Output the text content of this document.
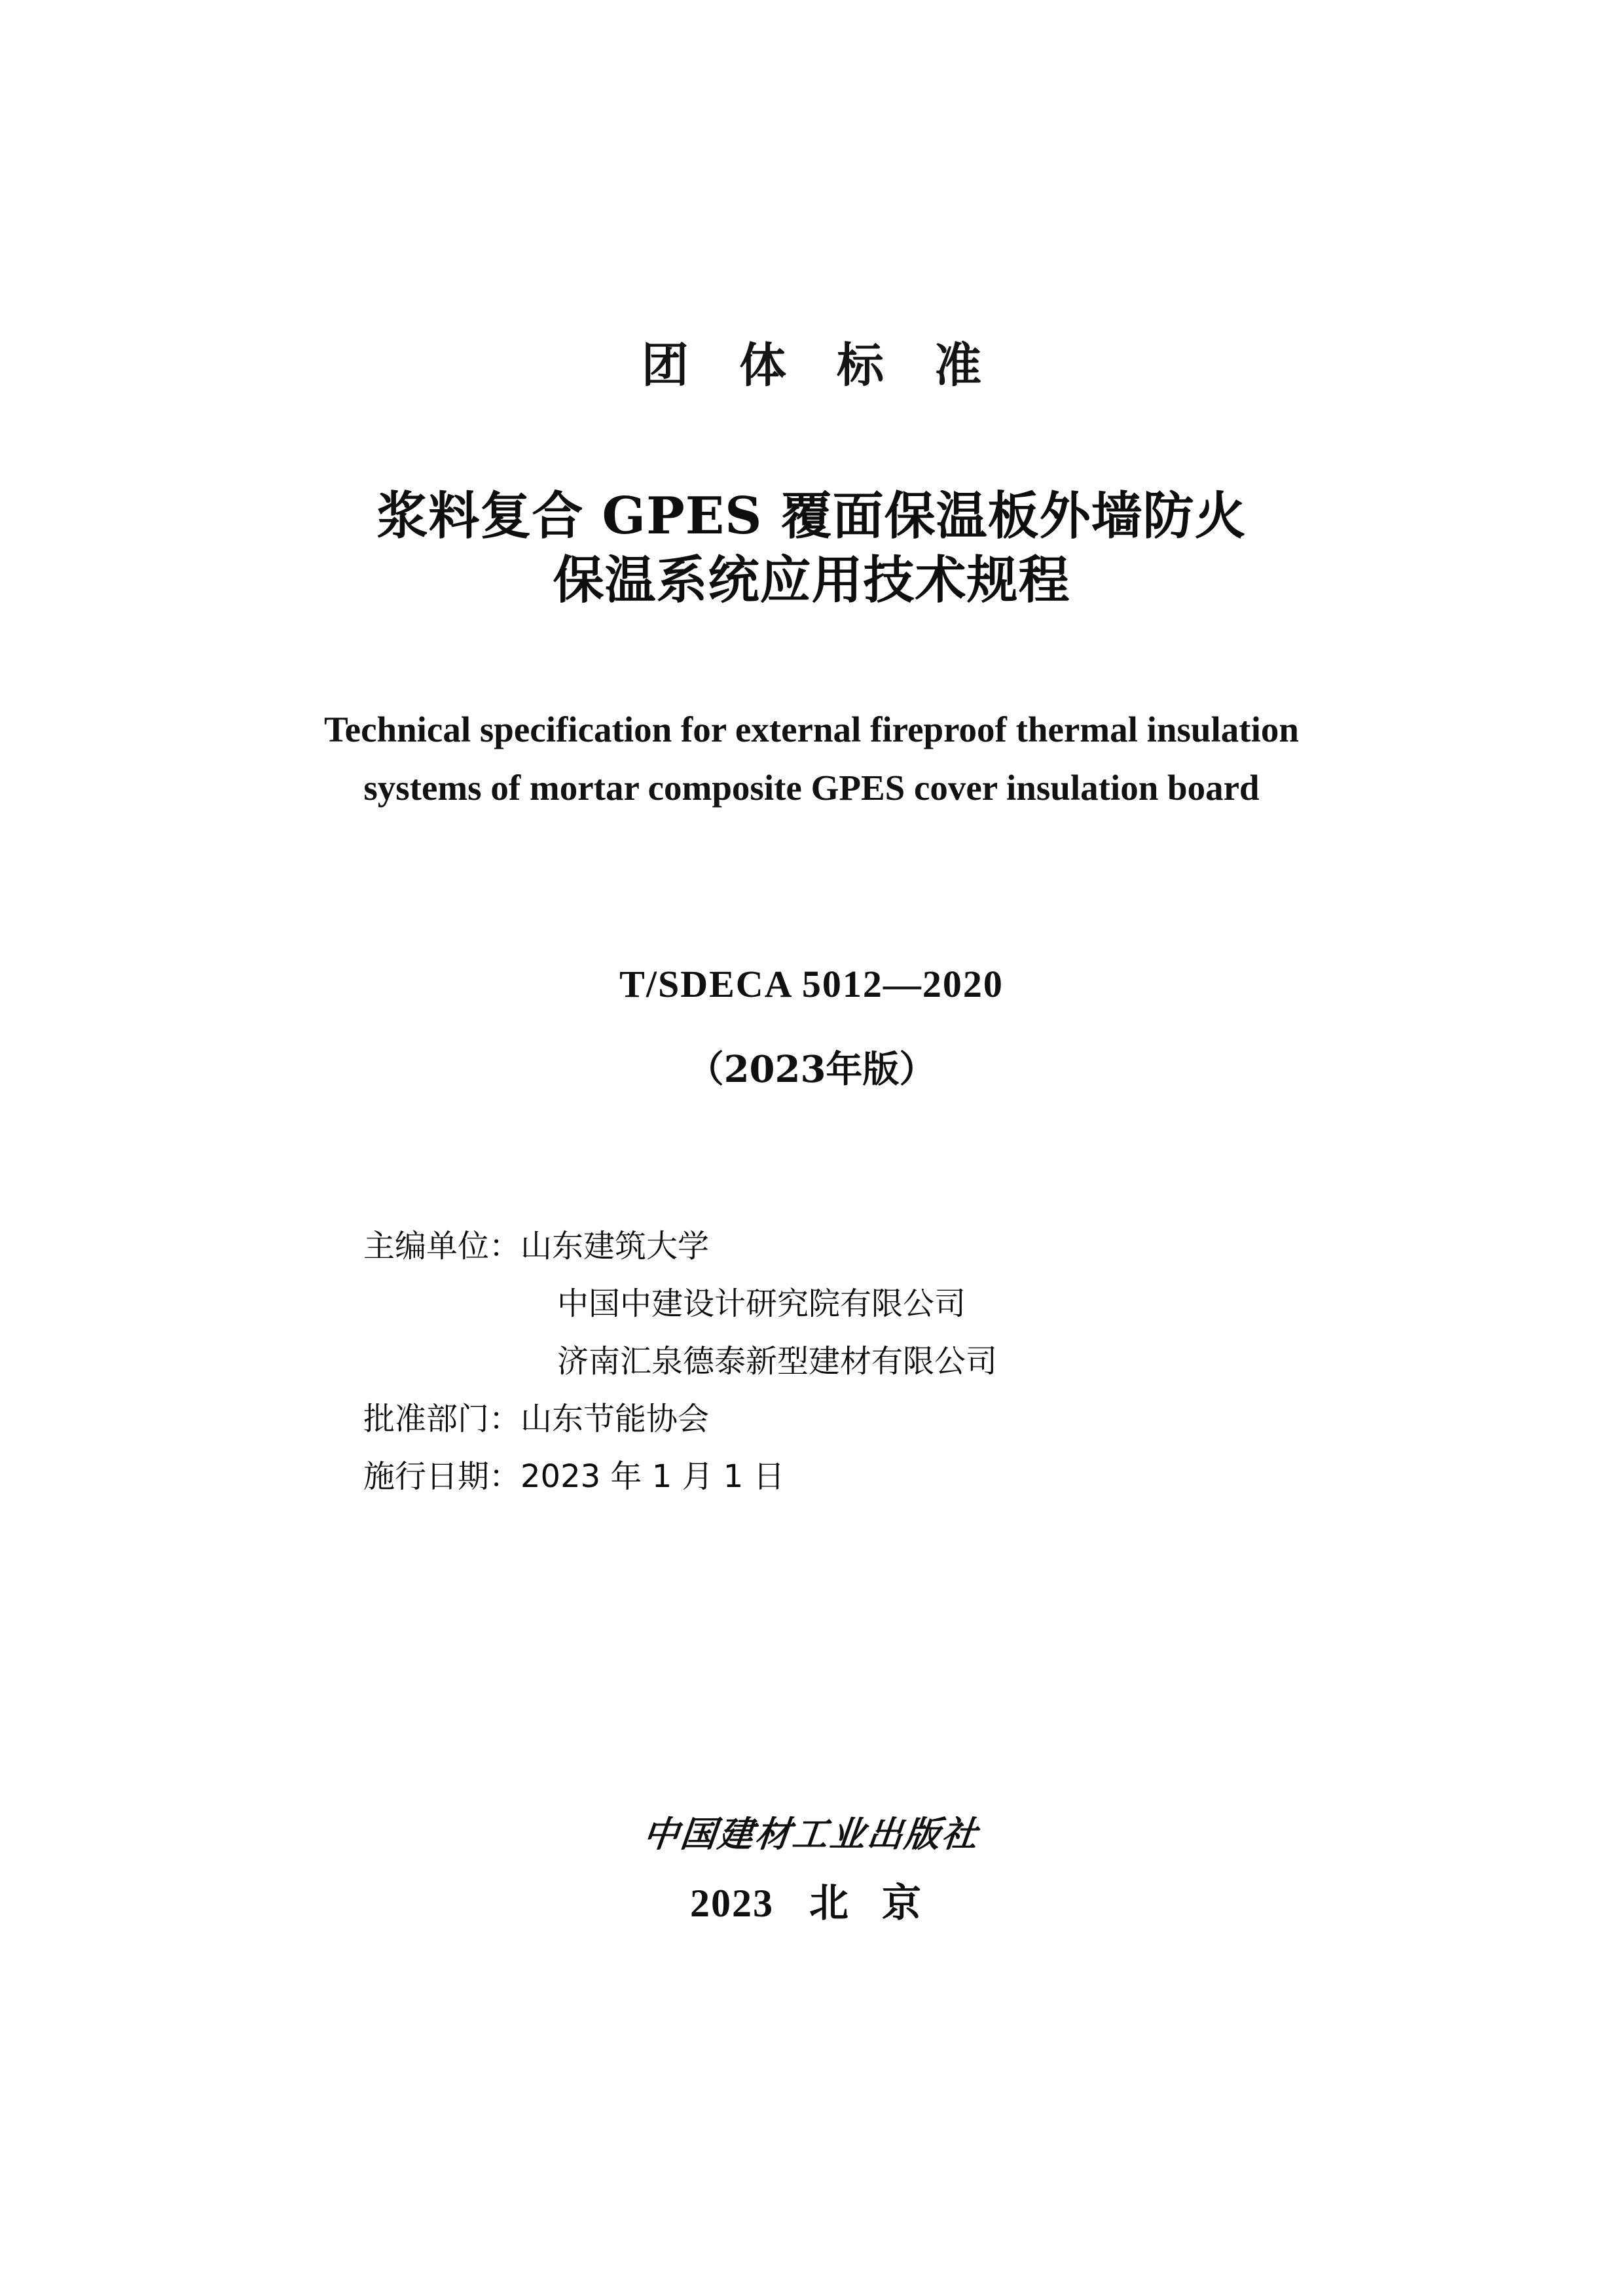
团 体 标 准
浆料复合 GPES 覆面保温板外墙防火
保温系统应用技术规程
Technical specification for external fireproof thermal insulation
systems of mortar composite GPES cover insulation board
T/SDECA 5012—2020
（2023年版）
主编单位：山东建筑大学
中国中建设计研究院有限公司
济南汇泉德泰新型建材有限公司
批准部门：山东节能协会
施行日期：2023 年 1 月 1 日
中国建材工业出版社
2023 北 京
